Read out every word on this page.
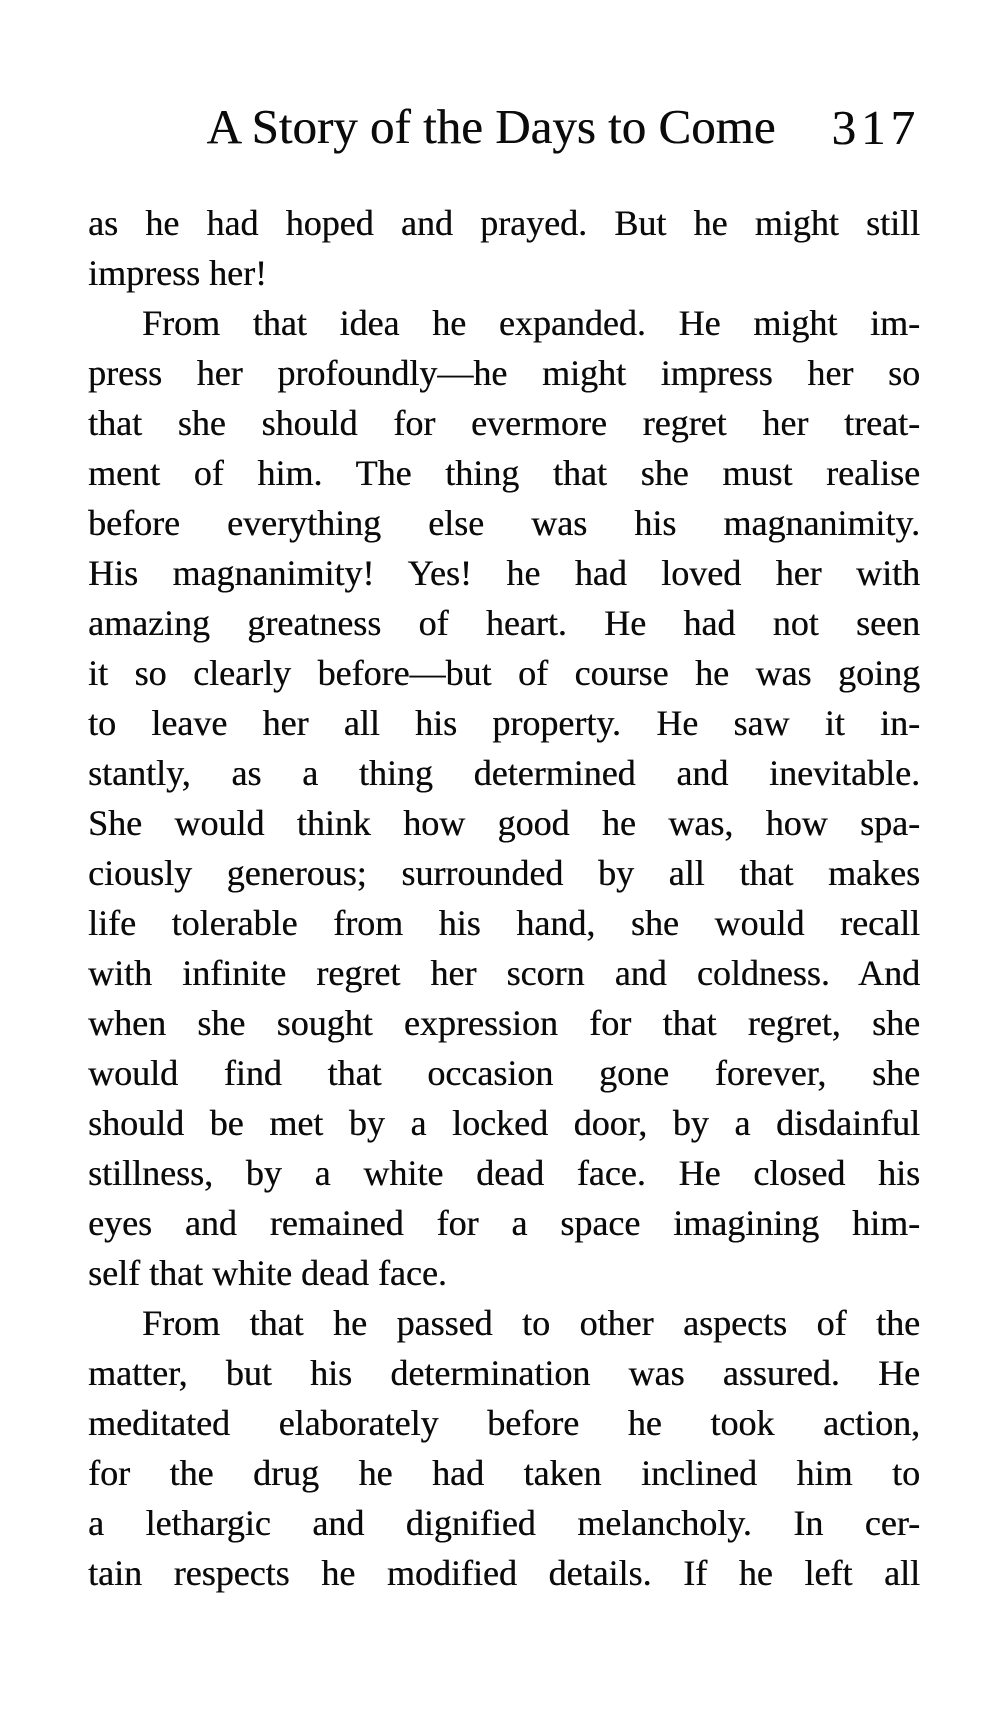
A Story of the Days to Come	317
as he had hoped and prayed. But he might still
impress her!
From that idea he expanded. He might im-
press her profoundly—he might impress her so
that she should for evermore regret her treat-
ment of him. The thing that she must realise
before everything else was his magnanimity.
His magnanimity! Yes! he had loved her with
amazing greatness of heart. He had not seen
it so clearly before—but of course he was going
to leave her all his property. He saw it in-
stantly, as a thing determined and inevitable.
She would think how good he was, how spa-
ciously generous; surrounded by all that makes
life tolerable from his hand, she would recall
with infinite regret her scorn and coldness. And
when she sought expression for that regret, she
would find that occasion gone forever, she
should be met by a locked door, by a disdainful
stillness, by a white dead face. He closed his
eyes and remained for a space imagining him-
self that white dead face.
From that he passed to other aspects of the
matter, but his determination was assured. He
meditated elaborately before he took action,
for the drug he had taken inclined him to
a lethargic and dignified melancholy. In cer-
tain respects he modified details. If he left all
